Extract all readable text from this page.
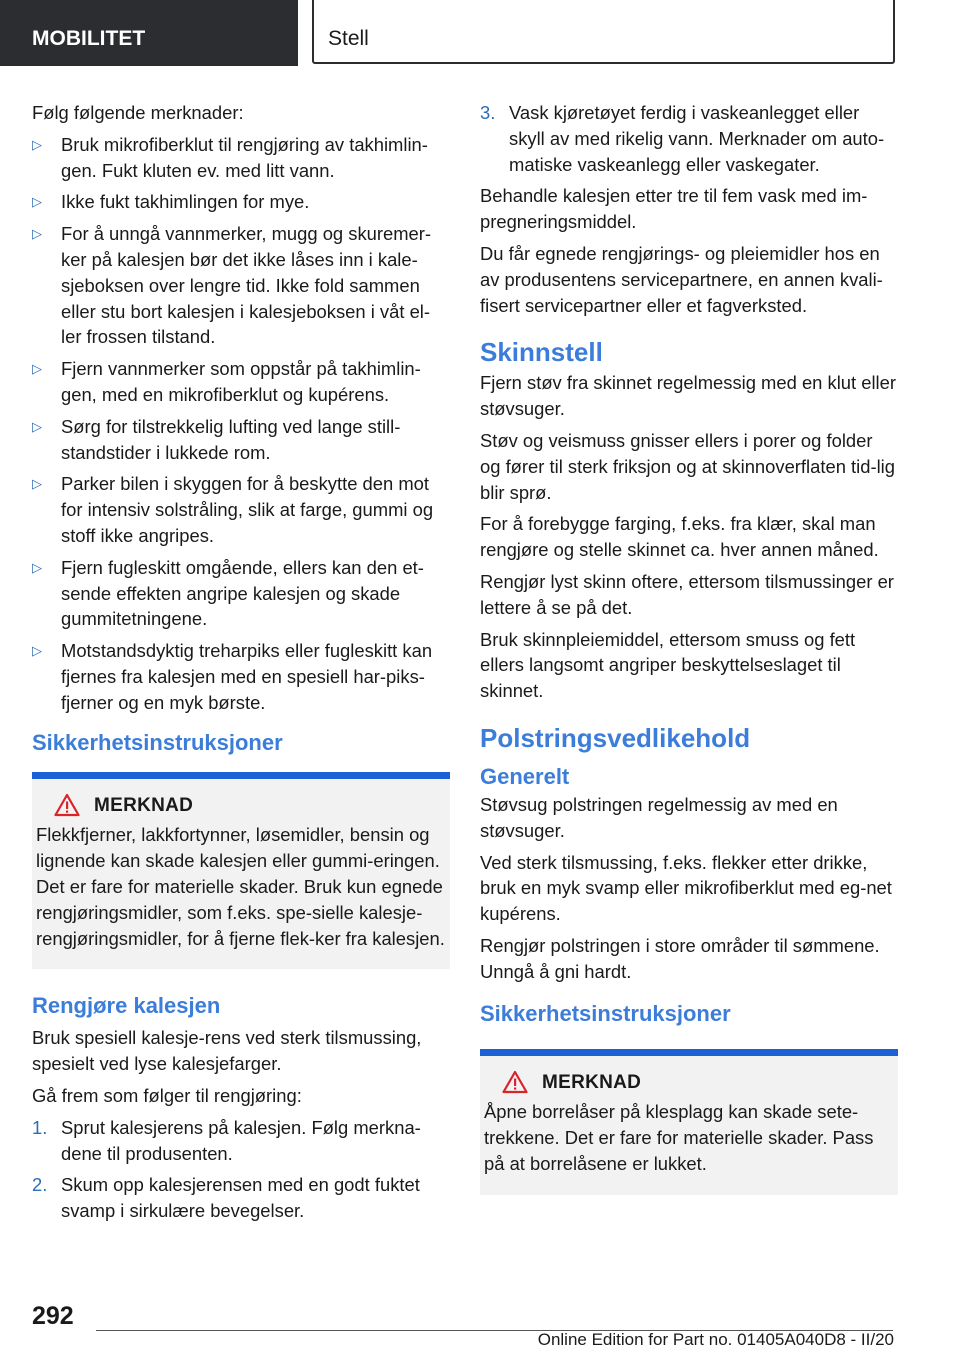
MOBILITET	Stell

Følg følgende merknader:

▷ Bruk mikrofiberklut til rengjøring av takhimlin-gen. Fukt kluten ev. med litt vann.
▷ Ikke fukt takhimlingen for mye.
▷ For å unngå vannmerker, mugg og skuremer-ker på kalesjen bør det ikke låses inn i kale-sjeboksen over lengre tid. Ikke fold sammen eller stu bort kalesjen i kalesjeboksen i våt el-ler frossen tilstand.
▷ Fjern vannmerker som oppstår på takhimlin-gen, med en mikrofiberklut og kupérens.
▷ Sørg for tilstrekkelig lufting ved lange still-standstider i lukkede rom.
▷ Parker bilen i skyggen for å beskytte den mot for intensiv solstråling, slik at farge, gummi og stoff ikke angripes.
▷ Fjern fugleskitt omgående, ellers kan den et-sende effekten angripe kalesjen og skade gummitetningene.
▷ Motstandsdyktig treharpiks eller fugleskitt kan fjernes fra kalesjen med en spesiell har-piks-fjerner og en myk børste.
Sikkerhetsinstruksjoner
MERKNAD
Flekkfjerner, lakkfortynner, løsemidler, bensin og lignende kan skade kalesjen eller gummi-eringen. Det er fare for materielle skader. Bruk kun egnede rengjøringsmidler, som f.eks. spe-sielle kalesje-rengjøringsmidler, for å fjerne flek-ker fra kalesjen.
Rengjøre kalesjen

Bruk spesiell kalesje-rens ved sterk tilsmussing, spesielt ved lyse kalesjefarger.

Gå frem som følger til rengjøring:

1. Sprut kalesjerens på kalesjen. Følg merkna-dene til produsenten.
2. Skum opp kalesjerensen med en godt fuktet svamp i sirkulære bevegelser.
3. Vask kjøretøyet ferdig i vaskeanlegget eller skyll av med rikelig vann. Merknader om auto-matiske vaskeanlegg eller vaskegater.

Behandle kalesjen etter tre til fem vask med im-pregneringsmiddel.

Du får egnede rengjørings- og pleiemidler hos en av produsentens servicepartnere, en annen kvali-fisert servicepartner eller et fagverksted.

Skinnstell

Fjern støv fra skinnet regelmessig med en klut eller støvsuger.

Støv og veismuss gnisser ellers i porer og folder og fører til sterk friksjon og at skinnoverflaten tid-lig blir sprø.

For å forebygge farging, f.eks. fra klær, skal man rengjøre og stelle skinnet ca. hver annen måned.

Rengjør lyst skinn oftere, ettersom tilsmussinger er lettere å se på det.

Bruk skinnpleiemiddel, ettersom smuss og fett ellers langsomt angriper beskyttelseslaget til skinnet.

Polstringsvedlikehold
Generelt

Støvsug polstringen regelmessig av med en støvsuger.

Ved sterk tilsmussing, f.eks. flekker etter drikke, bruk en myk svamp eller mikrofiberklut med eg-net kupérens.

Rengjør polstringen i store områder til sømmene. Unngå å gni hardt.

Sikkerhetsinstruksjoner
MERKNAD
Åpne borrelåser på klesplagg kan skade sete-trekkene. Det er fare for materielle skader. Pass på at borrelåsene er lukket.
292
Online Edition for Part no. 01405A040D8 - II/20
